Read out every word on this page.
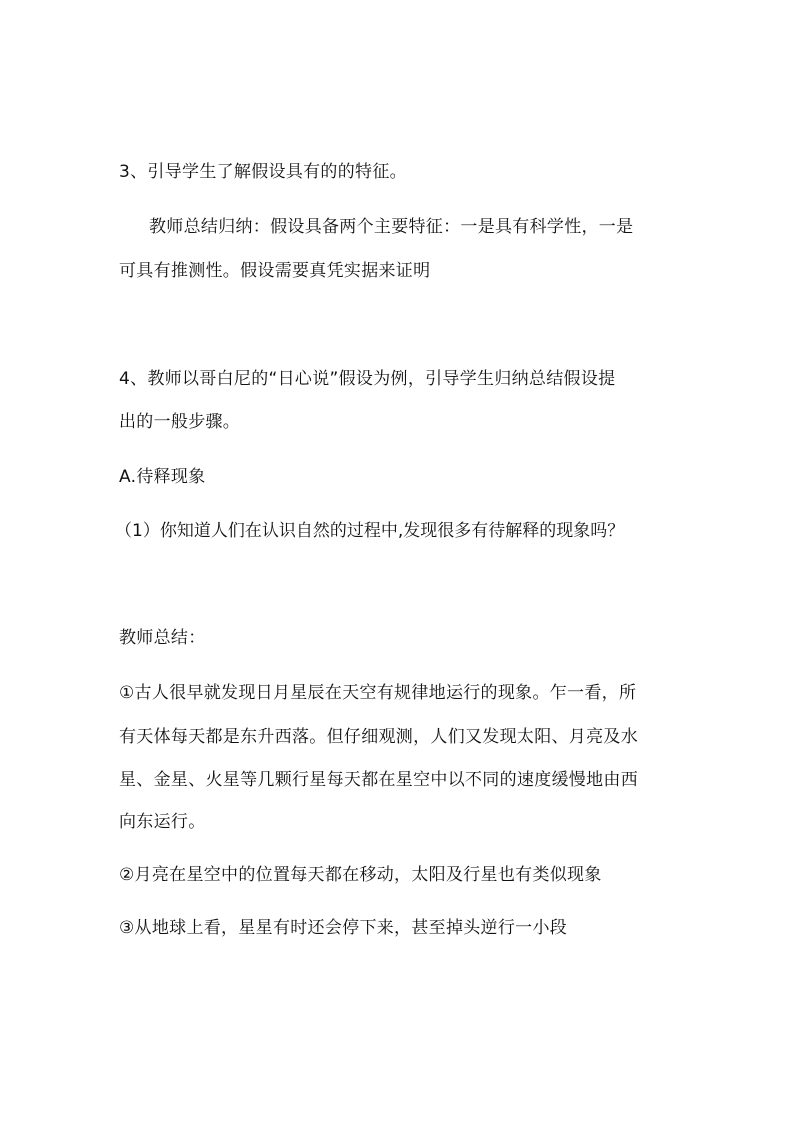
3、引导学生了解假设具有的的特征。
教师总结归纳：假设具备两个主要特征：一是具有科学性，一是
可具有推测性。假设需要真凭实据来证明
4、教师以哥白尼的“日心说”假设为例，引导学生归纳总结假设提
出的一般步骤。
A.待释现象
（1）你知道人们在认识自然的过程中,发现很多有待解释的现象吗？
教师总结：
①古人很早就发现日月星辰在天空有规律地运行的现象。乍一看，所
有天体每天都是东升西落。但仔细观测，人们又发现太阳、月亮及水
星、金星、火星等几颗行星每天都在星空中以不同的速度缓慢地由西
向东运行。
②月亮在星空中的位置每天都在移动，太阳及行星也有类似现象
③从地球上看，星星有时还会停下来，甚至掉头逆行一小段
